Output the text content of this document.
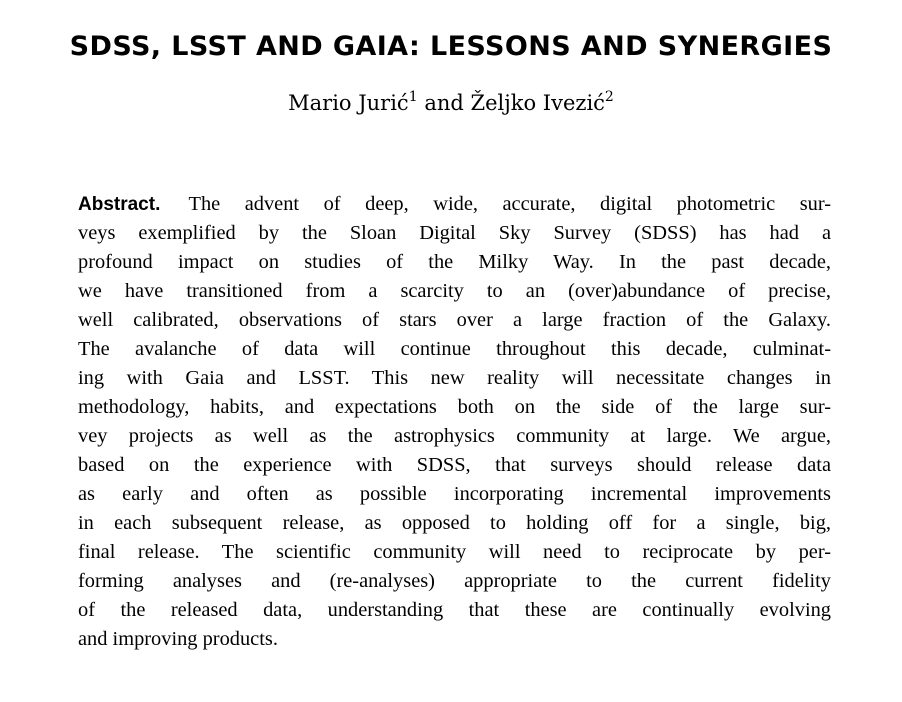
SDSS, LSST AND GAIA: LESSONS AND SYNERGIES
Mario Jurić$^1$ and Željko Ivezić$^2$
Abstract. The advent of deep, wide, accurate, digital photometric sur-
veys exemplified by the Sloan Digital Sky Survey (SDSS) has had a
profound impact on studies of the Milky Way. In the past decade,
we have transitioned from a scarcity to an (over)abundance of precise,
well calibrated, observations of stars over a large fraction of the Galaxy.
The avalanche of data will continue throughout this decade, culminat-
ing with Gaia and LSST. This new reality will necessitate changes in
methodology, habits, and expectations both on the side of the large sur-
vey projects as well as the astrophysics community at large. We argue,
based on the experience with SDSS, that surveys should release data
as early and often as possible incorporating incremental improvements
in each subsequent release, as opposed to holding off for a single, big,
final release. The scientific community will need to reciprocate by per-
forming analyses and (re-analyses) appropriate to the current fidelity
of the released data, understanding that these are continually evolving
and improving products.
